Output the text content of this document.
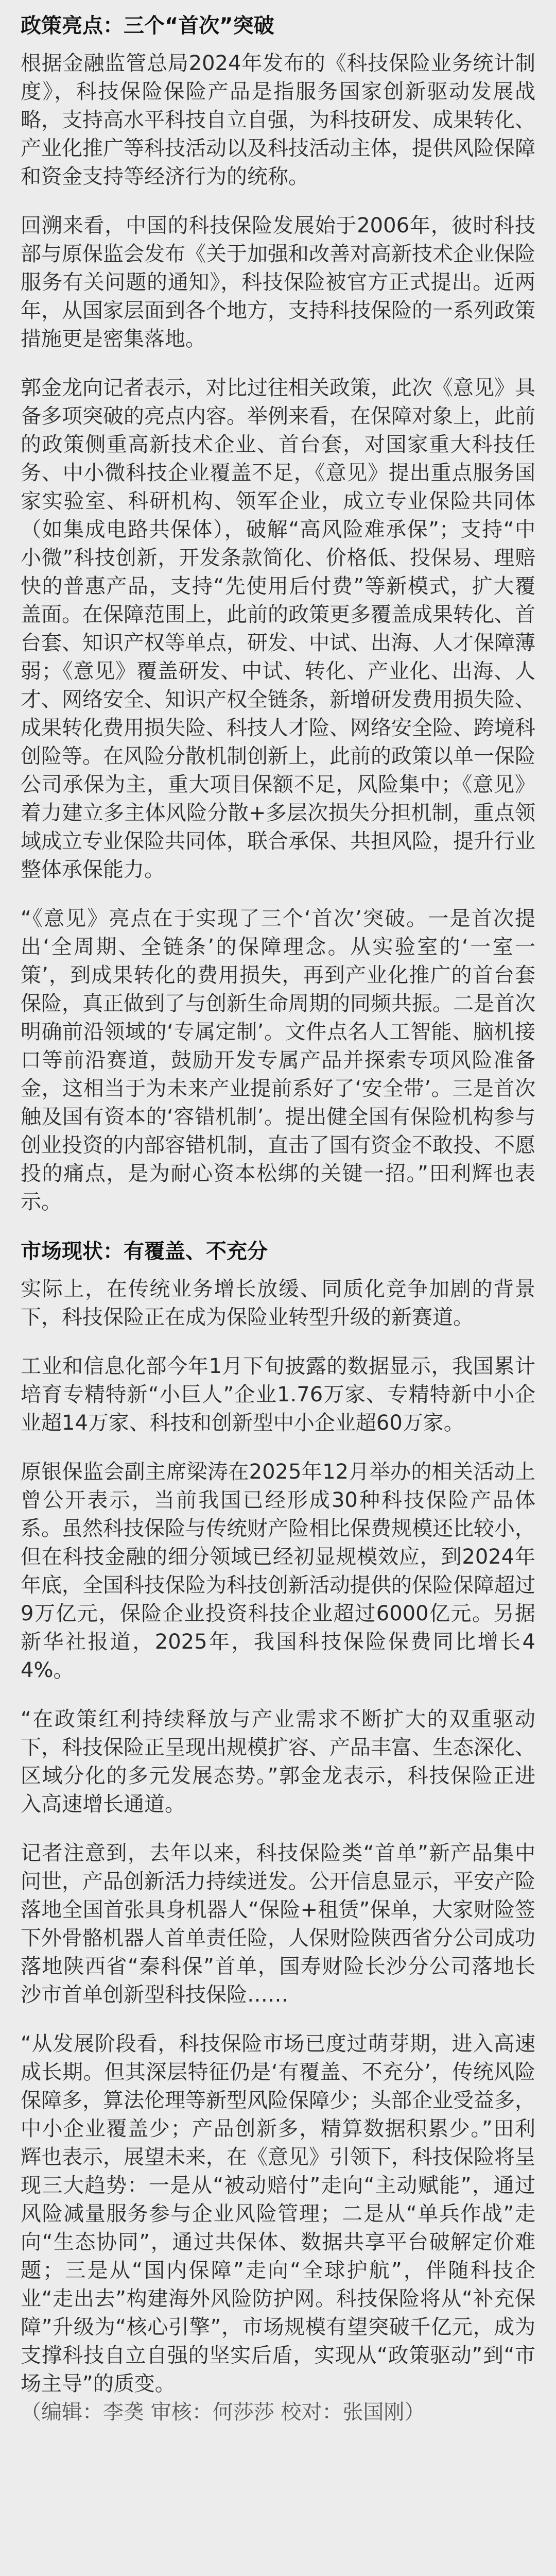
政策亮点：三个“首次”突破

根据金融监管总局2024年发布的《科技保险业务统计制度》，科技保险保险产品是指服务国家创新驱动发展战略，支持高水平科技自立自强，为科技研发、成果转化、产业化推广等科技活动以及科技活动主体，提供风险保障和资金支持等经济行为的统称。

回溯来看，中国的科技保险发展始于2006年，彼时科技部与原保监会发布《关于加强和改善对高新技术企业保险服务有关问题的通知》，科技保险被官方正式提出。近两年，从国家层面到各个地方，支持科技保险的一系列政策措施更是密集落地。

郭金龙向记者表示，对比过往相关政策，此次《意见》具备多项突破的亮点内容。举例来看，在保障对象上，此前的政策侧重高新技术企业、首台套，对国家重大科技任务、中小微科技企业覆盖不足，《意见》提出重点服务国家实验室、科研机构、领军企业，成立专业保险共同体（如集成电路共保体），破解“高风险难承保”；支持“中小微”科技创新，开发条款简化、价格低、投保易、理赔快的普惠产品，支持“先使用后付费”等新模式，扩大覆盖面。在保障范围上，此前的政策更多覆盖成果转化、首台套、知识产权等单点，研发、中试、出海、人才保障薄弱；《意见》覆盖研发、中试、转化、产业化、出海、人才、网络安全、知识产权全链条，新增研发费用损失险、成果转化费用损失险、科技人才险、网络安全险、跨境科创险等。在风险分散机制创新上，此前的政策以单一保险公司承保为主，重大项目保额不足，风险集中；《意见》着力建立多主体风险分散+多层次损失分担机制，重点领域成立专业保险共同体，联合承保、共担风险，提升行业整体承保能力。

“《意见》亮点在于实现了三个‘首次’突破。一是首次提出‘全周期、全链条’的保障理念。从实验室的‘一室一策’，到成果转化的费用损失，再到产业化推广的首台套保险，真正做到了与创新生命周期的同频共振。二是首次明确前沿领域的‘专属定制’。文件点名人工智能、脑机接口等前沿赛道，鼓励开发专属产品并探索专项风险准备金，这相当于为未来产业提前系好了‘安全带’。三是首次触及国有资本的‘容错机制’。提出健全国有保险机构参与创业投资的内部容错机制，直击了国有资金不敢投、不愿投的痛点，是为耐心资本松绑的关键一招。”田利辉也表示。

市场现状：有覆盖、不充分

实际上，在传统业务增长放缓、同质化竞争加剧的背景下，科技保险正在成为保险业转型升级的新赛道。

工业和信息化部今年1月下旬披露的数据显示，我国累计培育专精特新“小巨人”企业1.76万家、专精特新中小企业超14万家、科技和创新型中小企业超60万家。

原银保监会副主席梁涛在2025年12月举办的相关活动上曾公开表示，当前我国已经形成30种科技保险产品体系。虽然科技保险与传统财产险相比保费规模还比较小，但在科技金融的细分领域已经初显规模效应，到2024年年底，全国科技保险为科技创新活动提供的保险保障超过9万亿元，保险企业投资科技企业超过6000亿元。另据新华社报道，2025年，我国科技保险保费同比增长44%。

“在政策红利持续释放与产业需求不断扩大的双重驱动下，科技保险正呈现出规模扩容、产品丰富、生态深化、区域分化的多元发展态势。”郭金龙表示，科技保险正进入高速增长通道。

记者注意到，去年以来，科技保险类“首单”新产品集中问世，产品创新活力持续迸发。公开信息显示，平安产险落地全国首张具身机器人“保险+租赁”保单，大家财险签下外骨骼机器人首单责任险，人保财险陕西省分公司成功落地陕西省“秦科保”首单，国寿财险长沙分公司落地长沙市首单创新型科技保险……

“从发展阶段看，科技保险市场已度过萌芽期，进入高速成长期。但其深层特征仍是‘有覆盖、不充分’，传统风险保障多，算法伦理等新型风险保障少；头部企业受益多，中小企业覆盖少；产品创新多，精算数据积累少。”田利辉也表示，展望未来，在《意见》引领下，科技保险将呈现三大趋势：一是从“被动赔付”走向“主动赋能”，通过风险减量服务参与企业风险管理；二是从“单兵作战”走向“生态协同”，通过共保体、数据共享平台破解定价难题；三是从“国内保障”走向“全球护航”，伴随科技企业“走出去”构建海外风险防护网。科技保险将从“补充保障”升级为“核心引擎”，市场规模有望突破千亿元，成为支撑科技自立自强的坚实后盾，实现从“政策驱动”到“市场主导”的质变。

（编辑：李䶮 审核：何莎莎 校对：张国刚）
